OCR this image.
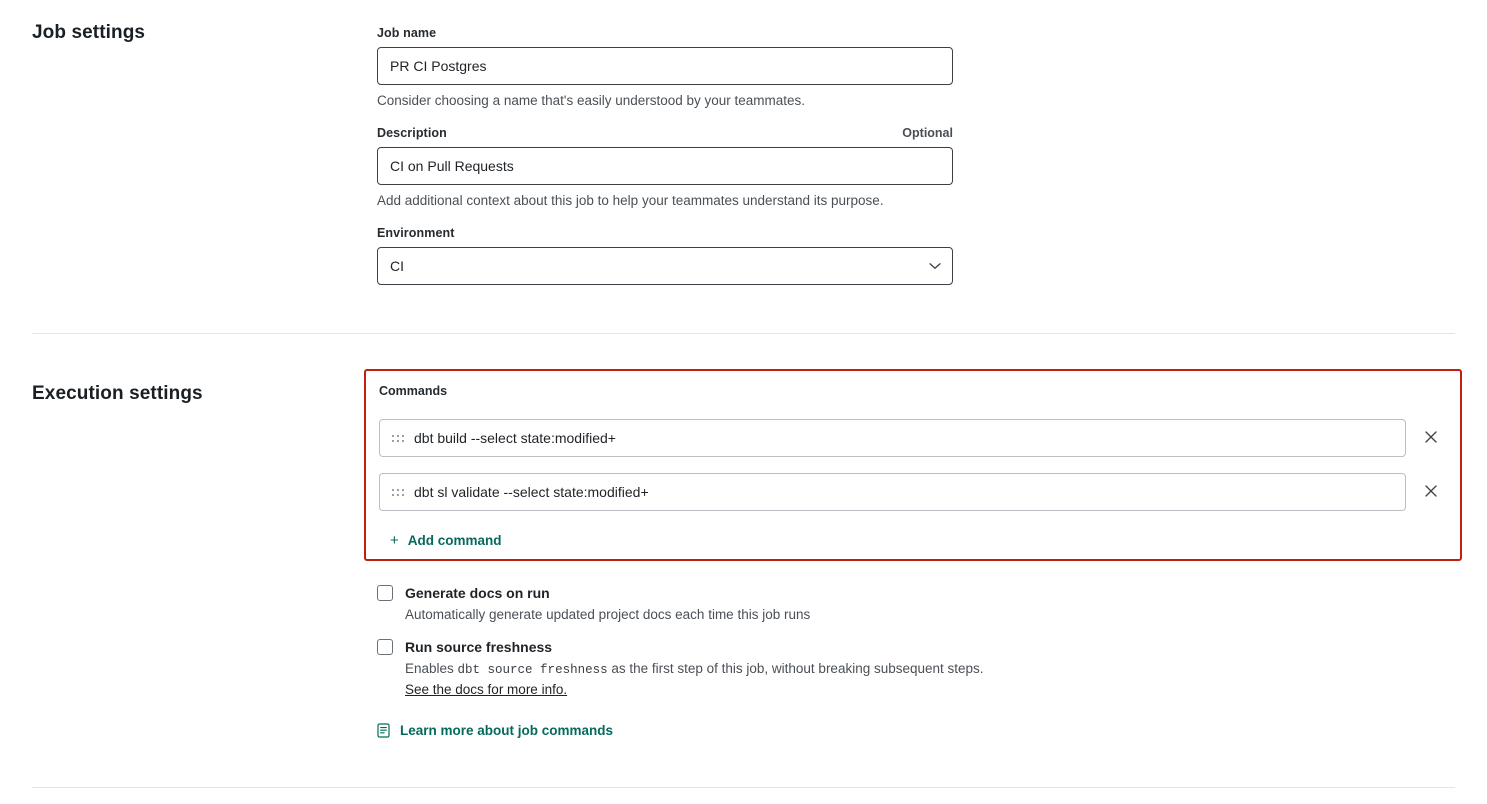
Job settings	Job name
PR CI Postgres
Consider choosing a name that's easily understood by your teammates.
Description	Optional
CI on Pull Requests
Add additional context about this job to help your teammates understand its purpose.
Environment
CI
Execution settings	Commands
dbt build --select state:modified+
dbt sl validate --select state:modified+
+ Add command
Generate docs on run
Automatically generate updated project docs each time this job runs
Run source freshness
Enables dbt source freshness as the first step of this job, without breaking subsequent steps. See the docs for more info.
Learn more about job commands
